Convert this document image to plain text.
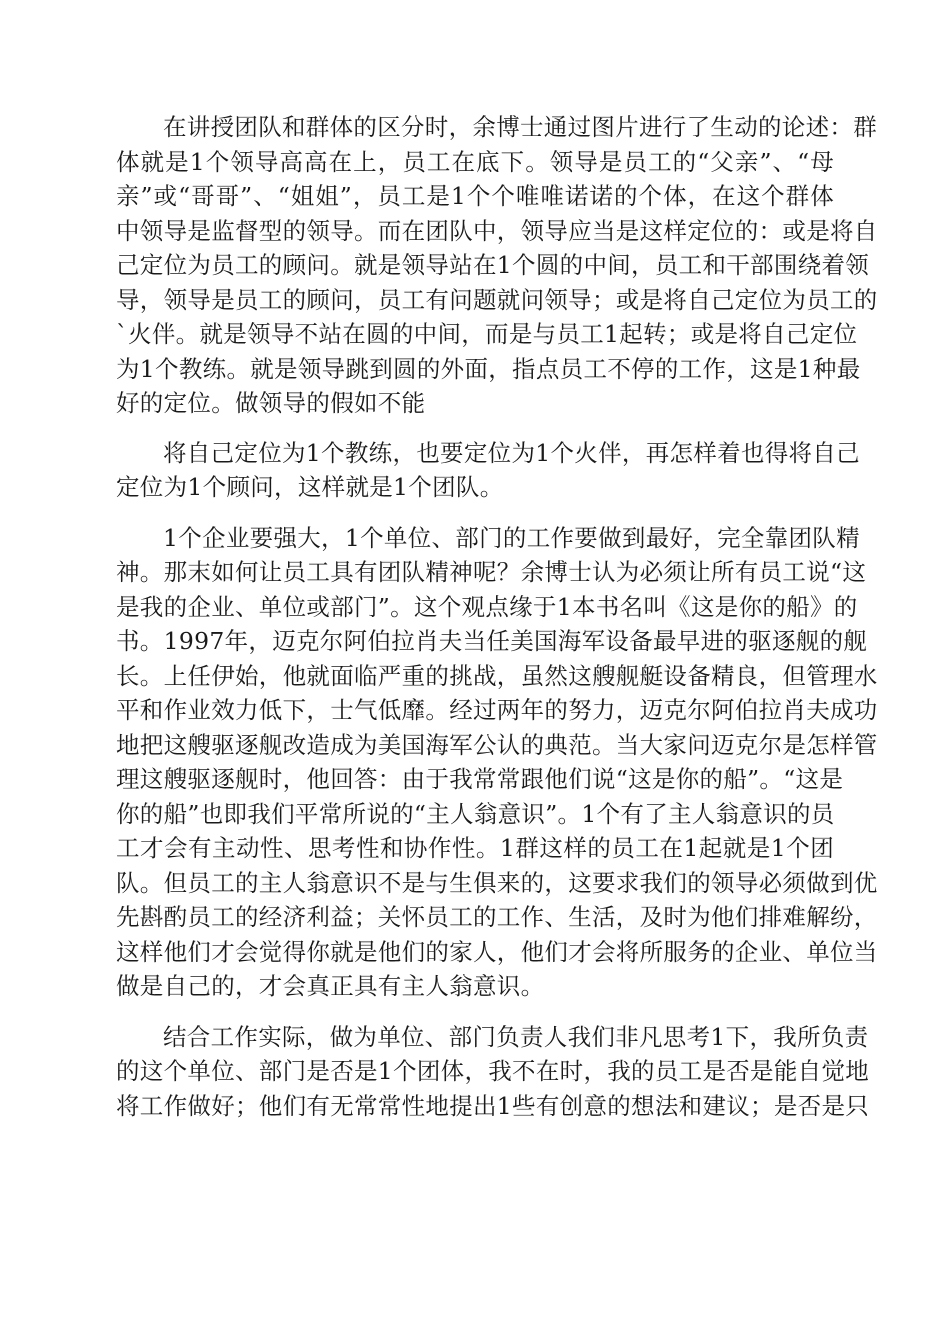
在讲授团队和群体的区分时，余博士通过图片进行了生动的论述：群
体就是1个领导高高在上，员工在底下。领导是员工的“父亲”、“母
亲”或“哥哥”、“姐姐”，员工是1个个唯唯诺诺的个体，在这个群体
中领导是监督型的领导。而在团队中，领导应当是这样定位的：或是将自
己定位为员工的顾问。就是领导站在1个圆的中间，员工和干部围绕着领
导，领导是员工的顾问，员工有问题就问领导；或是将自己定位为员工的
`火伴。就是领导不站在圆的中间，而是与员工1起转；或是将自己定位
为1个教练。就是领导跳到圆的外面，指点员工不停的工作，这是1种最
好的定位。做领导的假如不能
将自己定位为1个教练，也要定位为1个火伴，再怎样着也得将自己
定位为1个顾问，这样就是1个团队。
1个企业要强大，1个单位、部门的工作要做到最好，完全靠团队精
神。那末如何让员工具有团队精神呢？余博士认为必须让所有员工说“这
是我的企业、单位或部门”。这个观点缘于1本书名叫《这是你的船》的
书。1997年，迈克尔阿伯拉肖夫当任美国海军设备最早进的驱逐舰的舰
长。上任伊始，他就面临严重的挑战，虽然这艘舰艇设备精良，但管理水
平和作业效力低下，士气低靡。经过两年的努力，迈克尔阿伯拉肖夫成功
地把这艘驱逐舰改造成为美国海军公认的典范。当大家问迈克尔是怎样管
理这艘驱逐舰时，他回答：由于我常常跟他们说“这是你的船”。“这是
你的船”也即我们平常所说的“主人翁意识”。1个有了主人翁意识的员
工才会有主动性、思考性和协作性。1群这样的员工在1起就是1个团
队。但员工的主人翁意识不是与生俱来的，这要求我们的领导必须做到优
先斟酌员工的经济利益；关怀员工的工作、生活，及时为他们排难解纷，
这样他们才会觉得你就是他们的家人，他们才会将所服务的企业、单位当
做是自己的，才会真正具有主人翁意识。
结合工作实际，做为单位、部门负责人我们非凡思考1下，我所负责
的这个单位、部门是否是1个团体，我不在时，我的员工是否是能自觉地
将工作做好；他们有无常常性地提出1些有创意的想法和建议；是否是只
